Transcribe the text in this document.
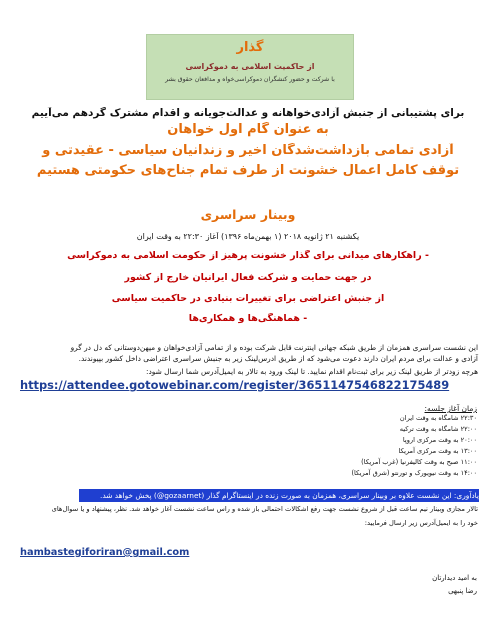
گذار
از حاکمیت اسلامی به دموکراسی
با شرکت و حضور کنشگران دموکراسی‌خواه و مدافعان حقوق بشر
برای پشتیبانی از جنبش آزادی‌خواهانه و عدالت‌جویانه و اقدام مشترک گردهم می‌آییم
به عنوان گام اول خواهان
آزادی تمامی بازداشت‌شدگان اخیر و زندانیان سیاسی - عقیدتی و
توقف کامل اعمال خشونت از طرف تمام جناح‌های حکومتی هستیم
وبینار سراسری
یکشنبه ۲۱ ژانویه ۲۰۱۸ (۱ بهمن‌ماه ۱۳۹۶) آغاز ۲۲:۳۰ به وقت ایران
- راهکارهای میدانی برای گذار خشونت پرهیز از حکومت اسلامی به دموکراسی
در جهت حمایت و شرکت فعال ایرانیان خارج از کشور
از جنبش اعتراضی برای تغییرات بنیادی در حاکمیت سیاسی
- هماهنگی‌ها و همکاری‌ها
این نشست سراسری همزمان از طریق شبکه جهانی اینترنت قابل شرکت بوده و از تمامی آزادی‌خواهان و میهن‌دوستانی که دل در گرو
آزادی و عدالت برای مردم ایران دارند دعوت می‌شود که از طریق ادرس‌لینک زیر به جنبش سراسری اعتراضی داخل کشور بپیوندند.
هرچه زودتر از طریق لینک زیر برای ثبت‌نام اقدام نمایید. تا لینک ورود به تالار به ایمیل‌آدرس شما ارسال شود:
https://attendee.gotowebinar.com/register/3651147546822175489
زمان آغاز جلسه:
۲۲:۳۰ شامگاه به وقت ایران
۲۲:۰۰ شامگاه به وقت ترکیه
۲۰:۰۰ به وقت مرکزی اروپا
۱۳:۰۰ به وقت مرکزی آمریکا
۱۱:۰۰ صبح به وقت کالیفرنیا (غرب آمریکا)
۱۴:۰۰ به وقت نیویورک و تورنتو (شرق آمریکا)
یادآوری: این نشست علاوه بر وبینار سراسری، همزمان به صورت زنده در اینستاگرام گذار (gozaarnet@) پخش خواهد شد.
تالار مجازی وبینار نیم ساعت قبل از شروع نشست جهت رفع اشکالات احتمالی باز شده و راس ساعت نشست آغاز خواهد شد. نظر، پیشنهاد و یا سوال‌های
خود را به ایمیل‌آدرس زیر ارسال فرمایید:
hambastegiforiran@gmail.com
به امید دیدارتان
رضا پنبهی
